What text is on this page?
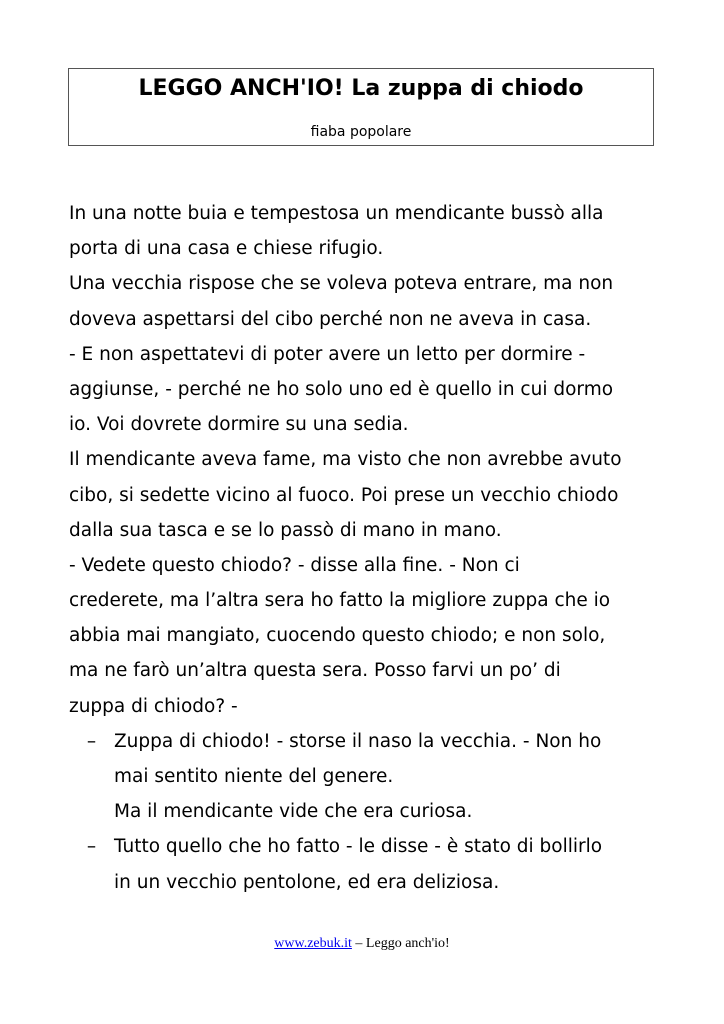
LEGGO ANCH'IO! La zuppa di chiodo
fiaba popolare
In una notte buia e tempestosa un mendicante bussò alla
porta di una casa e chiese rifugio.
Una vecchia rispose che se voleva poteva entrare, ma non
doveva aspettarsi del cibo perché non ne aveva in casa.
- E non aspettatevi di poter avere un letto per dormire -
aggiunse, - perché ne ho solo uno ed è quello in cui dormo
io. Voi dovrete dormire su una sedia.
Il mendicante aveva fame, ma visto che non avrebbe avuto
cibo, si sedette vicino al fuoco. Poi prese un vecchio chiodo
dalla sua tasca e se lo passò di mano in mano.
- Vedete questo chiodo? - disse alla fine. - Non ci
crederete, ma l’altra sera ho fatto la migliore zuppa che io
abbia mai mangiato, cuocendo questo chiodo; e non solo,
ma ne farò un’altra questa sera. Posso farvi un po’ di
zuppa di chiodo? -
– Zuppa di chiodo! - storse il naso la vecchia. - Non ho
mai sentito niente del genere.
Ma il mendicante vide che era curiosa.
– Tutto quello che ho fatto - le disse - è stato di bollirlo
in un vecchio pentolone, ed era deliziosa.
www.zebuk.it – Leggo anch'io!
